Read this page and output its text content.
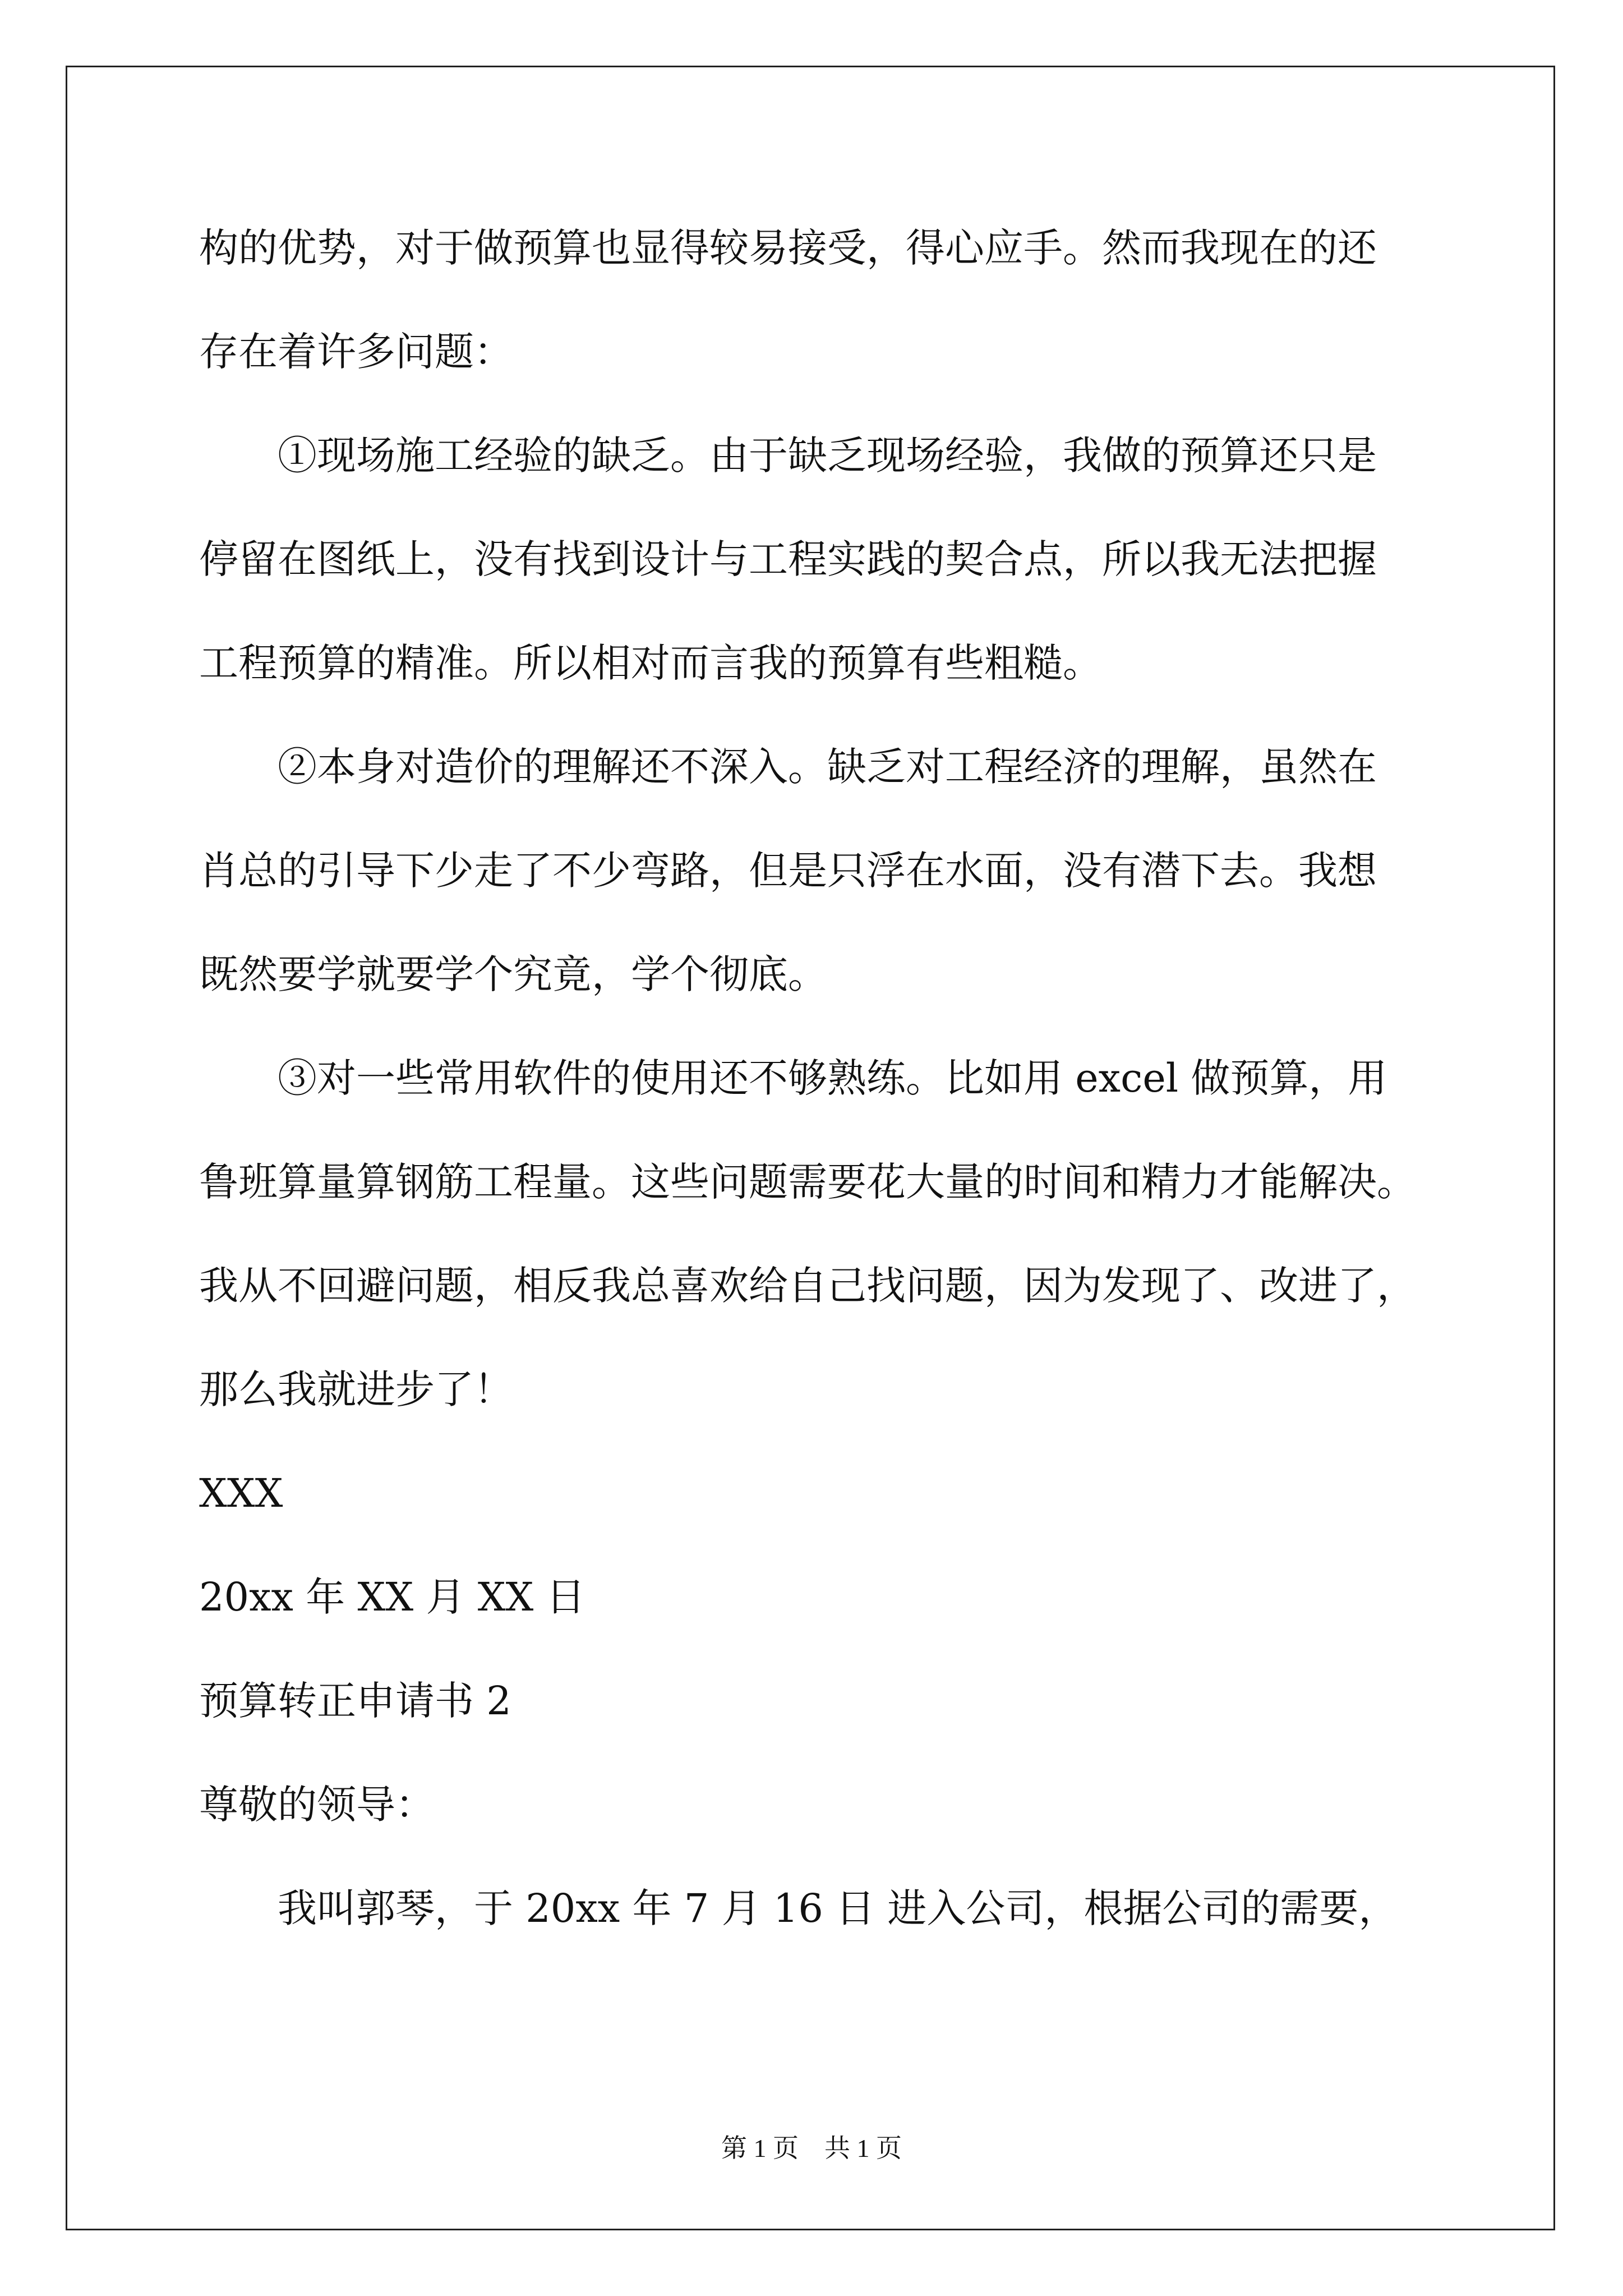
构的优势，对于做预算也显得较易接受，得心应手。然而我现在的还
存在着许多问题：
①现场施工经验的缺乏。由于缺乏现场经验，我做的预算还只是
停留在图纸上，没有找到设计与工程实践的契合点，所以我无法把握
工程预算的精准。所以相对而言我的预算有些粗糙。
②本身对造价的理解还不深入。缺乏对工程经济的理解，虽然在
肖总的引导下少走了不少弯路，但是只浮在水面，没有潜下去。我想
既然要学就要学个究竟，学个彻底。
③对一些常用软件的使用还不够熟练。比如用 excel 做预算，用
鲁班算量算钢筋工程量。这些问题需要花大量的时间和精力才能解决。
我从不回避问题，相反我总喜欢给自己找问题，因为发现了、改进了，
那么我就进步了！
XXX
20xx 年 XX 月 XX 日
预算转正申请书 2
尊敬的领导：
我叫郭琴，于 20xx 年 7 月 16 日 进入公司，根据公司的需要，
第 1 页　共 1 页
